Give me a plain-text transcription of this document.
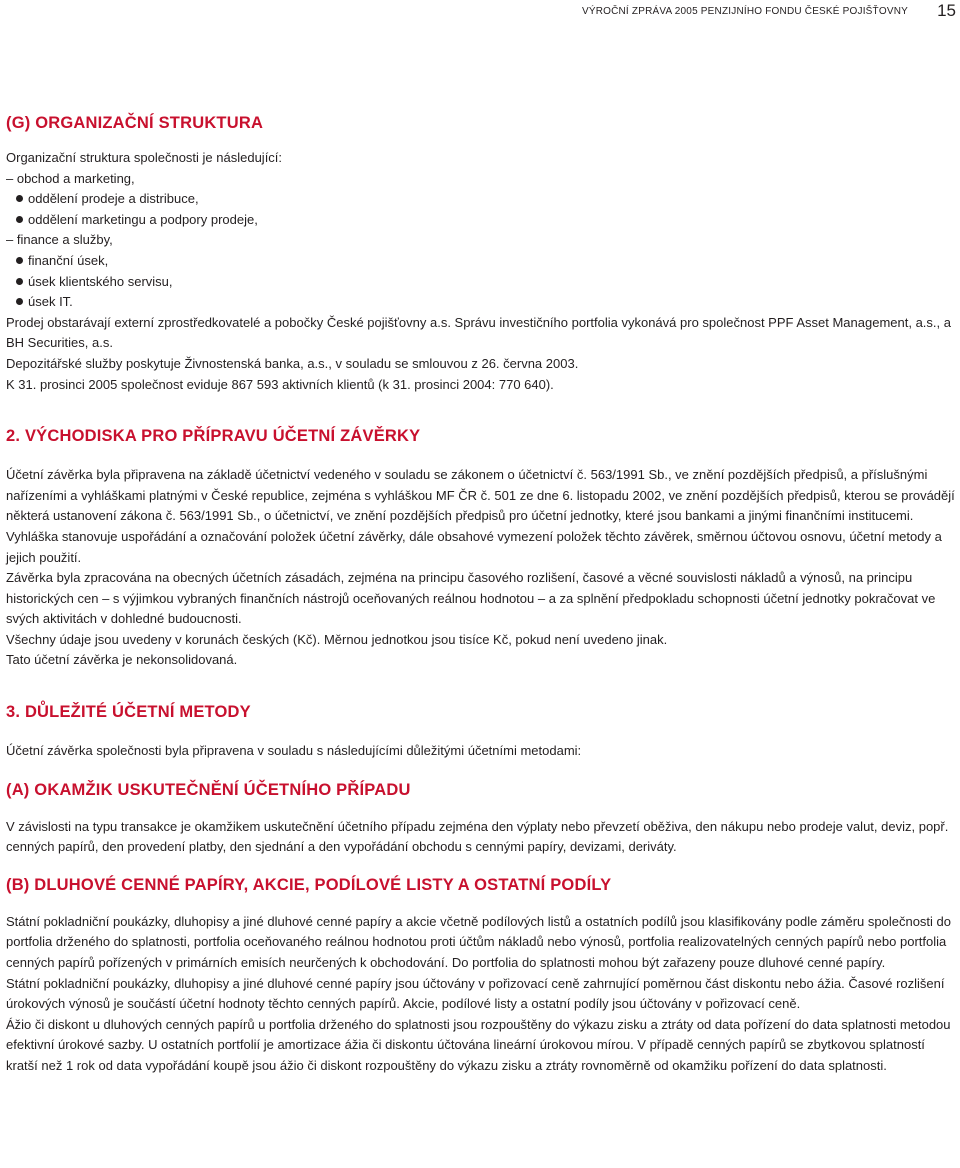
VÝROČNÍ ZPRÁVA 2005 PENZIJNÍHO FONDU ČESKÉ POJIŠŤOVNY 15
(G) ORGANIZAČNÍ STRUKTURA

Organizační struktura společnosti je následující:

– obchod a marketing,

oddělení prodeje a distribuce,

oddělení marketingu a podpory prodeje,

– finance a služby,

finanční úsek,

úsek klientského servisu,

úsek IT.

Prodej obstarávají externí zprostředkovatelé a pobočky České pojišťovny a.s. Správu investičního portfolia vykonává pro společnost PPF Asset Management, a.s., a BH Securities, a.s.

Depozitářské služby poskytuje Živnostenská banka, a.s., v souladu se smlouvou z 26. června 2003.

K 31. prosinci 2005 společnost eviduje 867 593 aktivních klientů (k 31. prosinci 2004: 770 640).

2. VÝCHODISKA PRO PŘÍPRAVU ÚČETNÍ ZÁVĚRKY

Účetní závěrka byla připravena na základě účetnictví vedeného v souladu se zákonem o účetnictví č. 563/1991 Sb., ve znění pozdějších předpisů, a příslušnými nařízeními a vyhláškami platnými v České republice, zejména s vyhláškou MF ČR č. 501 ze dne 6. listopadu 2002, ve znění pozdějších předpisů, kterou se provádějí některá ustanovení zákona č. 563/1991 Sb., o účetnictví, ve znění pozdějších předpisů pro účetní jednotky, které jsou bankami a jinými finančními institucemi. Vyhláška stanovuje uspořádání a označování položek účetní závěrky, dále obsahové vymezení položek těchto závěrek, směrnou účtovou osnovu, účetní metody a jejich použití.

Závěrka byla zpracována na obecných účetních zásadách, zejména na principu časového rozlišení, časové a věcné souvislosti nákladů a výnosů, na principu historických cen – s výjimkou vybraných finančních nástrojů oceňovaných reálnou hodnotou – a za splnění předpokladu schopnosti účetní jednotky pokračovat ve svých aktivitách v dohledné budoucnosti.

Všechny údaje jsou uvedeny v korunách českých (Kč). Měrnou jednotkou jsou tisíce Kč, pokud není uvedeno jinak.

Tato účetní závěrka je nekonsolidovaná.

3. DŮLEŽITÉ ÚČETNÍ METODY

Účetní závěrka společnosti byla připravena v souladu s následujícími důležitými účetními metodami:

(A) OKAMŽIK USKUTEČNĚNÍ ÚČETNÍHO PŘÍPADU

V závislosti na typu transakce je okamžikem uskutečnění účetního případu zejména den výplaty nebo převzetí oběživa, den nákupu nebo prodeje valut, deviz, popř. cenných papírů, den provedení platby, den sjednání a den vypořádání obchodu s cennými papíry, devizami, deriváty.

(B) DLUHOVÉ CENNÉ PAPÍRY, AKCIE, PODÍLOVÉ LISTY A OSTATNÍ PODÍLY

Státní pokladniční poukázky, dluhopisy a jiné dluhové cenné papíry a akcie včetně podílových listů a ostatních podílů jsou klasifikovány podle záměru společnosti do portfolia drženého do splatnosti, portfolia oceňovaného reálnou hodnotou proti účtům nákladů nebo výnosů, portfolia realizovatelných cenných papírů nebo portfolia cenných papírů pořízených v primárních emisích neurčených k obchodování. Do portfolia do splatnosti mohou být zařazeny pouze dluhové cenné papíry.

Státní pokladniční poukázky, dluhopisy a jiné dluhové cenné papíry jsou účtovány v pořizovací ceně zahrnující poměrnou část diskontu nebo ážia. Časové rozlišení úrokových výnosů je součástí účetní hodnoty těchto cenných papírů. Akcie, podílové listy a ostatní podíly jsou účtovány v pořizovací ceně.

Ážio či diskont u dluhových cenných papírů u portfolia drženého do splatnosti jsou rozpouštěny do výkazu zisku a ztráty od data pořízení do data splatnosti metodou efektivní úrokové sazby. U ostatních portfolií je amortizace ážia či diskontu účtována lineární úrokovou mírou. V případě cenných papírů se zbytkovou splatností kratší než 1 rok od data vypořádání koupě jsou ážio či diskont rozpouštěny do výkazu zisku a ztráty rovnoměrně od okamžiku pořízení do data splatnosti.
